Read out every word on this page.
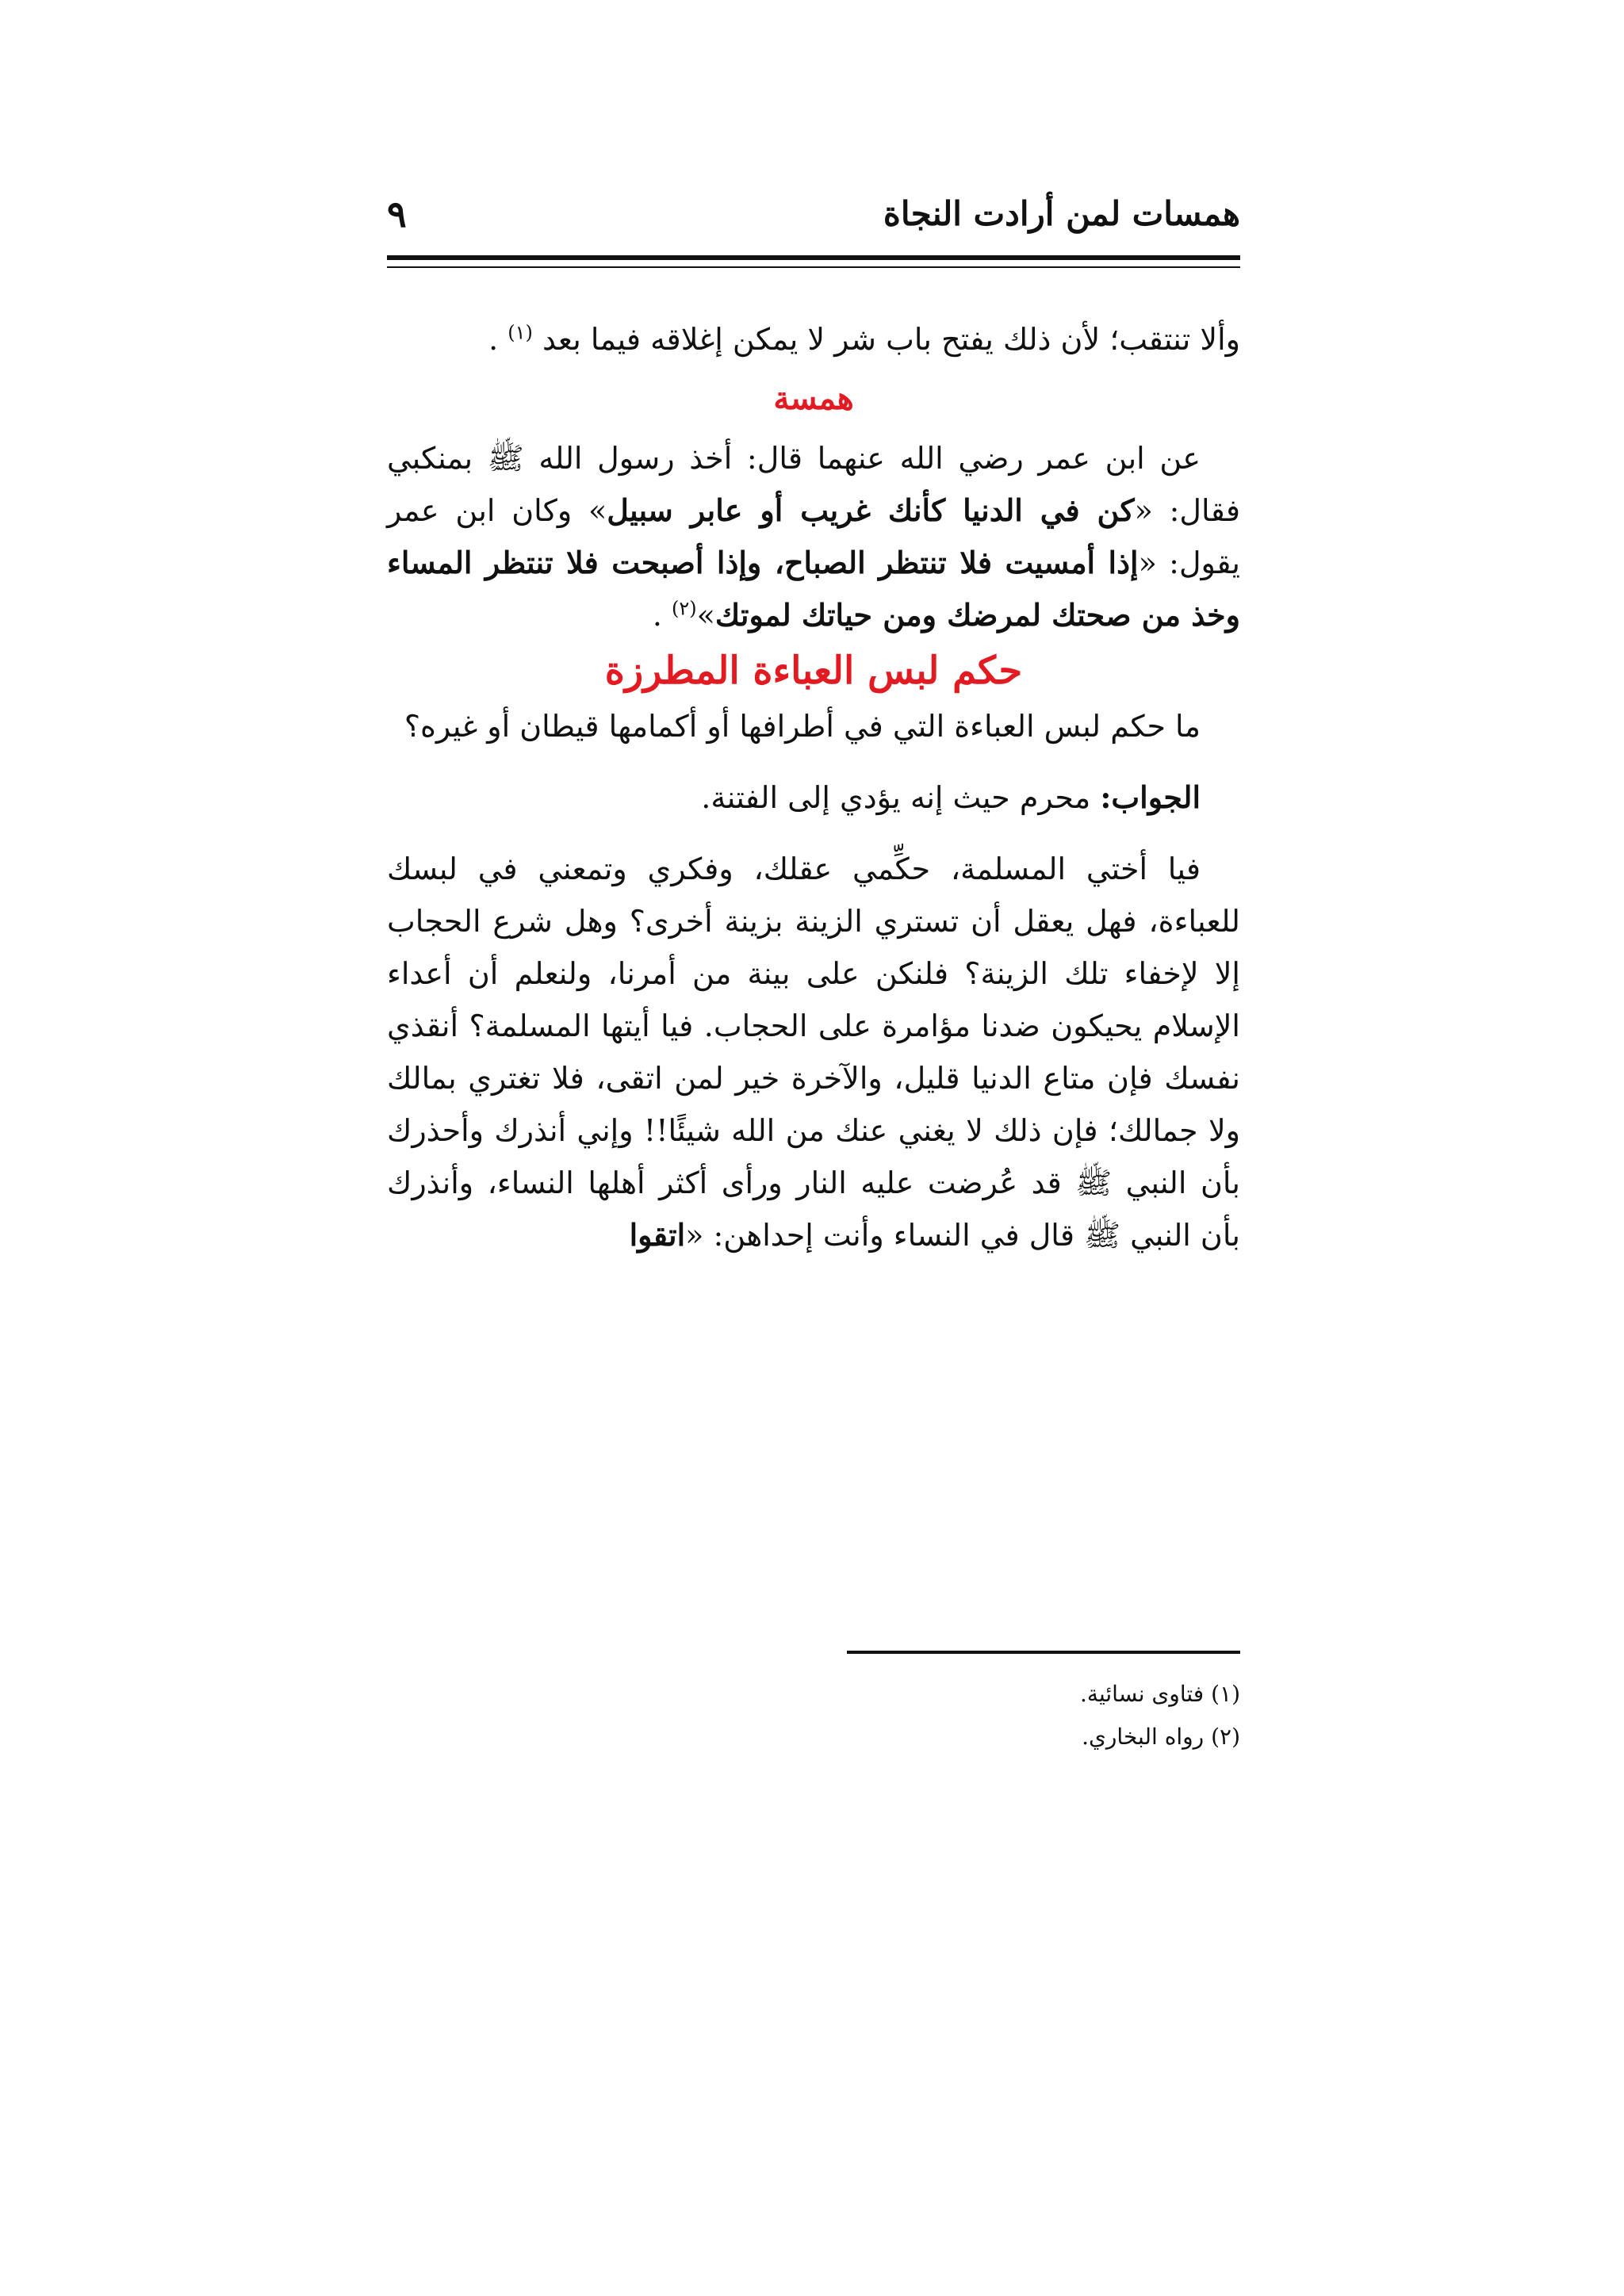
همسات لمن أرادت النجاة
٩

وألا تنتقب؛ لأن ذلك يفتح باب شر لا يمكن إغلاقه فيما بعد $^{(١)}$ .

همسة

عن ابن عمر رضي الله عنهما قال: أخذ رسول الله ﷺ بمنكبي فقال: «كن في الدنيا كأنك غريب أو عابر سبيل» وكان ابن عمر يقول: «إذا أمسيت فلا تنتظر الصباح، وإذا أصبحت فلا تنتظر المساء وخذ من صحتك لمرضك ومن حياتك لموتك»$^{(٢)}$ .

حكم لبس العباءة المطرزة

ما حكم لبس العباءة التي في أطرافها أو أكمامها قيطان أو غيره؟

الجواب: محرم حيث إنه يؤدي إلى الفتنة.

فيا أختي المسلمة، حكِّمي عقلك، وفكري وتمعني في لبسك للعباءة، فهل يعقل أن تستري الزينة بزينة أخرى؟ وهل شرع الحجاب إلا لإخفاء تلك الزينة؟ فلنكن على بينة من أمرنا، ولنعلم أن أعداء الإسلام يحيكون ضدنا مؤامرة على الحجاب. فيا أيتها المسلمة؟ أنقذي نفسك فإن متاع الدنيا قليل، والآخرة خير لمن اتقى، فلا تغتري بمالك ولا جمالك؛ فإن ذلك لا يغني عنك من الله شيئًا!! وإني أنذرك وأحذرك بأن النبي ﷺ قد عُرضت عليه النار ورأى أكثر أهلها النساء، وأنذرك بأن النبي ﷺ قال في النساء وأنت إحداهن: «اتقوا

(١) فتاوى نسائية.

(٢) رواه البخاري.
